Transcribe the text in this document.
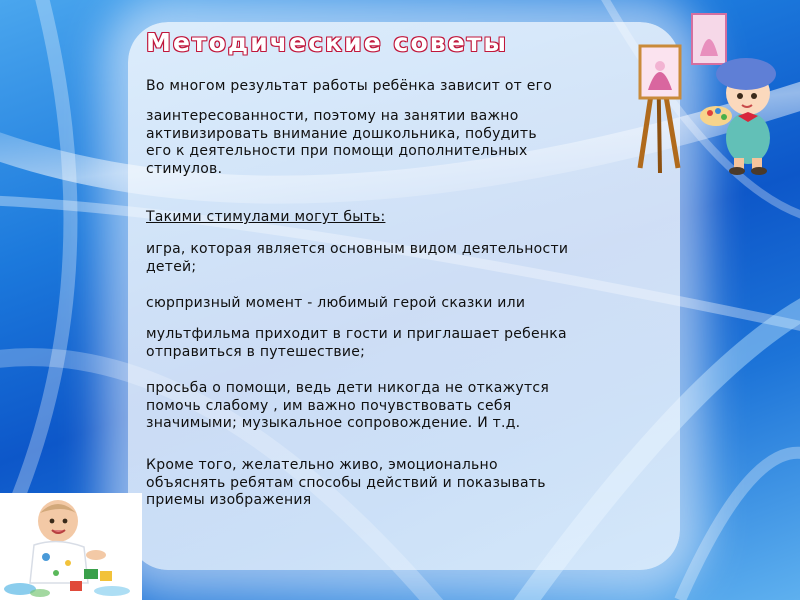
Методические советы

Во многом результат работы ребёнка зависит от его

заинтересованности, поэтому на занятии важно
активизировать внимание дошкольника, побудить
его к деятельности при помощи дополнительных
стимулов.

Такими стимулами могут быть:

игра, которая является основным видом деятельности
детей;

сюрпризный момент - любимый герой сказки или

мультфильма приходит в гости и приглашает ребенка
отправиться в путешествие;

просьба о помощи, ведь дети никогда не откажутся
помочь слабому , им важно почувствовать себя
значимыми; музыкальное сопровождение. И т.д.

Кроме того, желательно живо, эмоционально
объяснять ребятам способы действий и показывать
приемы изображения
